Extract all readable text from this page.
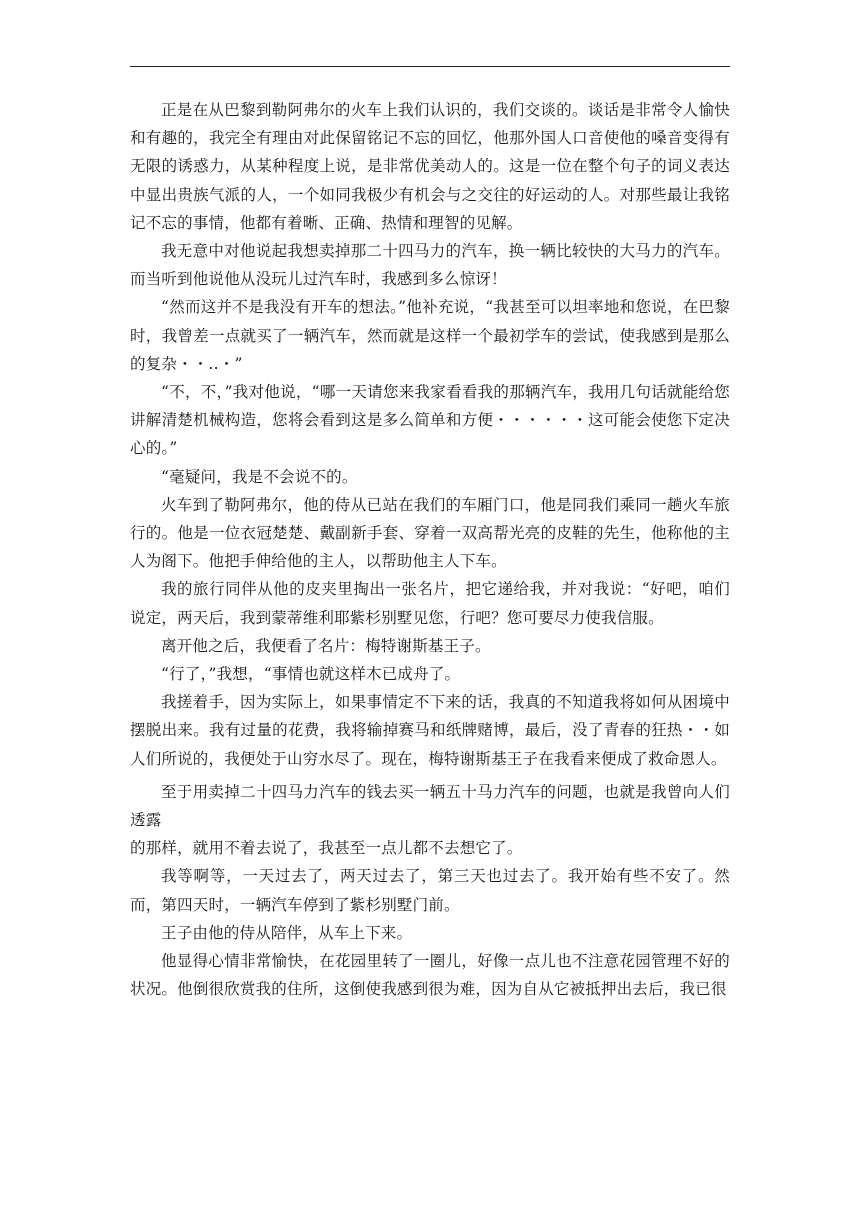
正是在从巴黎到勒阿弗尔的火车上我们认识的，我们交谈的。谈话是非常令人愉快和有趣的，我完全有理由对此保留铭记不忘的回忆，他那外国人口音使他的嗓音变得有无限的诱惑力，从某种程度上说，是非常优美动人的。这是一位在整个句子的词义表达中显出贵族气派的人，一个如同我极少有机会与之交往的好运动的人。对那些最让我铭记不忘的事情，他都有着晰、正确、热情和理智的见解。

我无意中对他说起我想卖掉那二十四马力的汽车，换一辆比较快的大马力的汽车。而当听到他说他从没玩儿过汽车时，我感到多么惊讶！

“然而这并不是我没有开车的想法。”他补充说，“我甚至可以坦率地和您说，在巴黎时，我曾差一点就买了一辆汽车，然而就是这样一个最初学车的尝试，使我感到是那么的复杂・・..・”

“不，不，”我对他说，“哪一天请您来我家看看我的那辆汽车，我用几句话就能给您讲解清楚机械构造，您将会看到这是多么简单和方便・・・・・・这可能会使您下定决心的。”

“毫疑问，我是不会说不的。

火车到了勒阿弗尔，他的侍从已站在我们的车厢门口，他是同我们乘同一趟火车旅行的。他是一位衣冠楚楚、戴副新手套、穿着一双高帮光亮的皮鞋的先生，他称他的主人为阁下。他把手伸给他的主人，以帮助他主人下车。

我的旅行同伴从他的皮夹里掏出一张名片，把它递给我，并对我说：“好吧，咱们说定，两天后，我到蒙蒂维利耶紫杉别墅见您，行吧？您可要尽力使我信服。

离开他之后，我便看了名片：梅特谢斯基王子。

“行了，”我想，“事情也就这样木已成舟了。

我搓着手，因为实际上，如果事情定不下来的话，我真的不知道我将如何从困境中摆脱出来。我有过量的花费，我将输掉赛马和纸牌赌博，最后，没了青春的狂热・・如人们所说的，我便处于山穷水尽了。现在，梅特谢斯基王子在我看来便成了救命恩人。

至于用卖掉二十四马力汽车的钱去买一辆五十马力汽车的问题，也就是我曾向人们透露

的那样，就用不着去说了，我甚至一点儿都不去想它了。

我等啊等，一天过去了，两天过去了，第三天也过去了。我开始有些不安了。然而，第四天时，一辆汽车停到了紫杉别墅门前。

王子由他的侍从陪伴，从车上下来。

他显得心情非常愉快，在花园里转了一圈儿，好像一点儿也不注意花园管理不好的状况。他倒很欣赏我的住所，这倒使我感到很为难，因为自从它被抵押出去后，我已很
